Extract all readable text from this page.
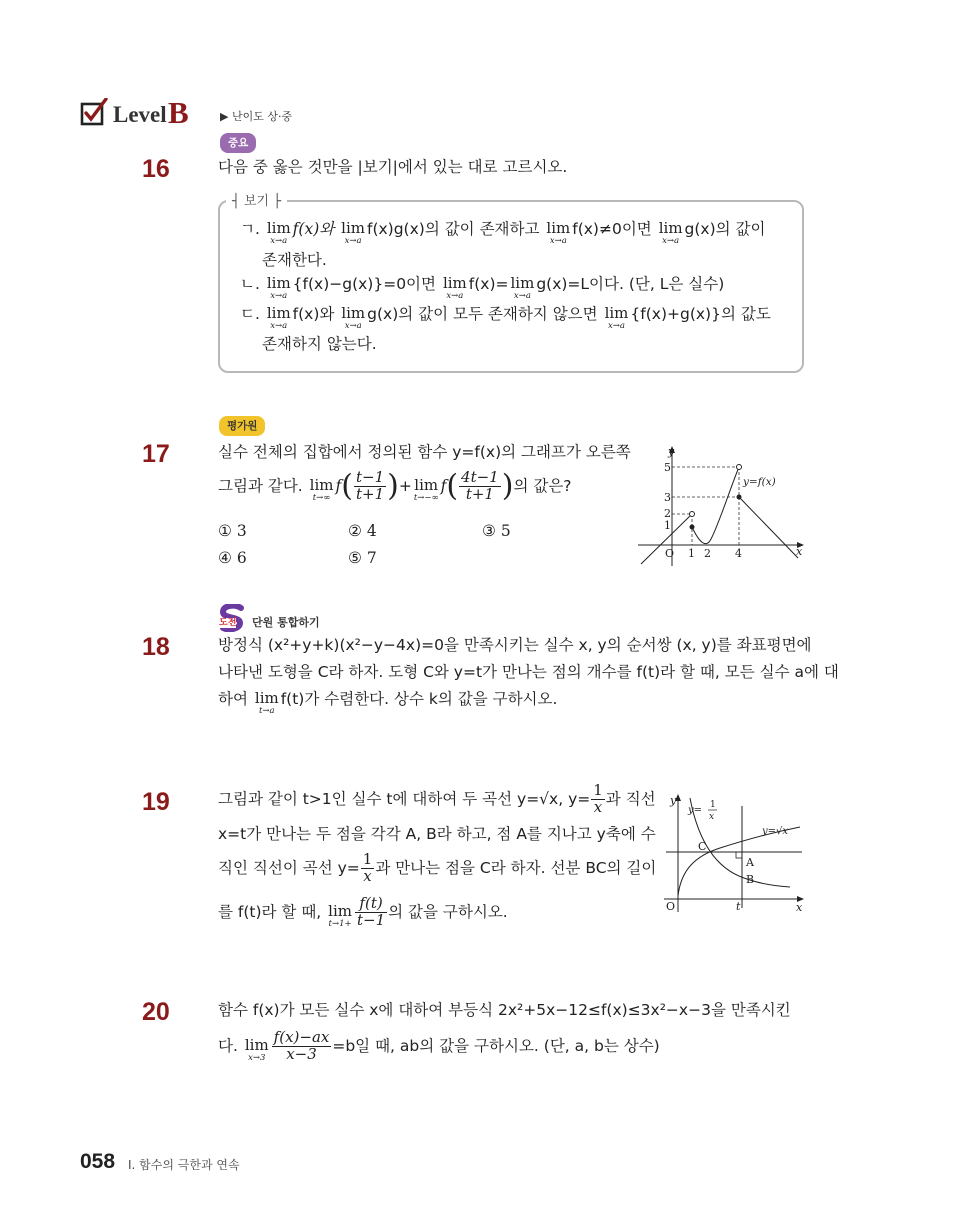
Level B	▶ 난이도 상·중
중요
16	다음 중 옳은 것만을 |보기|에서 있는 대로 고르시오.
┤ 보기 ├
ㄱ. lim
x→a
f(x)와 lim
x→a
f(x)g(x)의 값이 존재하고 lim
x→a
f(x)≠0이면 lim
x→a
g(x)의 값이
존재한다.
ㄴ. lim
x→a
{f(x)−g(x)}=0이면 lim
x→a
f(x)= lim
x→a
g(x)=L이다. (단, L은 실수)
ㄷ. lim
x→a
f(x)와 lim
x→a
g(x)의 값이 모두 존재하지 않으면 lim
x→a
{f(x)+g(x)}의 값도
존재하지 않는다.
평가원
17	실수 전체의 집합에서 정의된 함수 y=f(x)의 그래프가 오른쪽
그림과 같다. lim
t→∞
$f( \frac{t-1}{t+1}$ )+ lim
t→−∞
$f( \frac{4t-1}{t+1}$ )의 값은?
① 3	② 4	③ 5
④ 6	⑤ 7
y
x
O
5
3
2
1
1 2 4
y=f(x)
도전 단원 통합하기
18	방정식 (x²+y+k)(x²−y−4x)=0을 만족시키는 실수 x, y의 순서쌍 (x, y)를 좌표평면에
나타낸 도형을 C라 하자. 도형 C와 y=t가 만나는 점의 개수를 f(t)라 할 때, 모든 실수 a에 대
하여 lim
t→a
f(t)가 수렴한다. 상수 k의 값을 구하시오.
19	그림과 같이 t>1인 실수 t에 대하여 두 곡선 y=√x, $y= \frac{1}{x}$ 과 직선
x=t가 만나는 두 점을 각각 A, B라 하고, 점 A를 지나고 y축에 수
직인 직선이 곡선 $y= \frac{1}{x}$ 과 만나는 점을 C라 하자. 선분 BC의 길이
를 f(t)라 할 때, lim
$t\to 1+ \frac{f(t)}{t-1}$ 의 값을 구하시오.
y
x
O	t
y= 1
x
y=√x
A
B
C
20	함수 f(x)가 모든 실수 x에 대하여 부등식 2x²+5x−12≤f(x)≤3x²−x−3을 만족시킨
다. lim
$x\to 3 \frac{f(x)-ax}{x-3} =b$일 때, ab의 값을 구하시오. (단, a, b는 상수)
058 I. 함수의 극한과 연속
